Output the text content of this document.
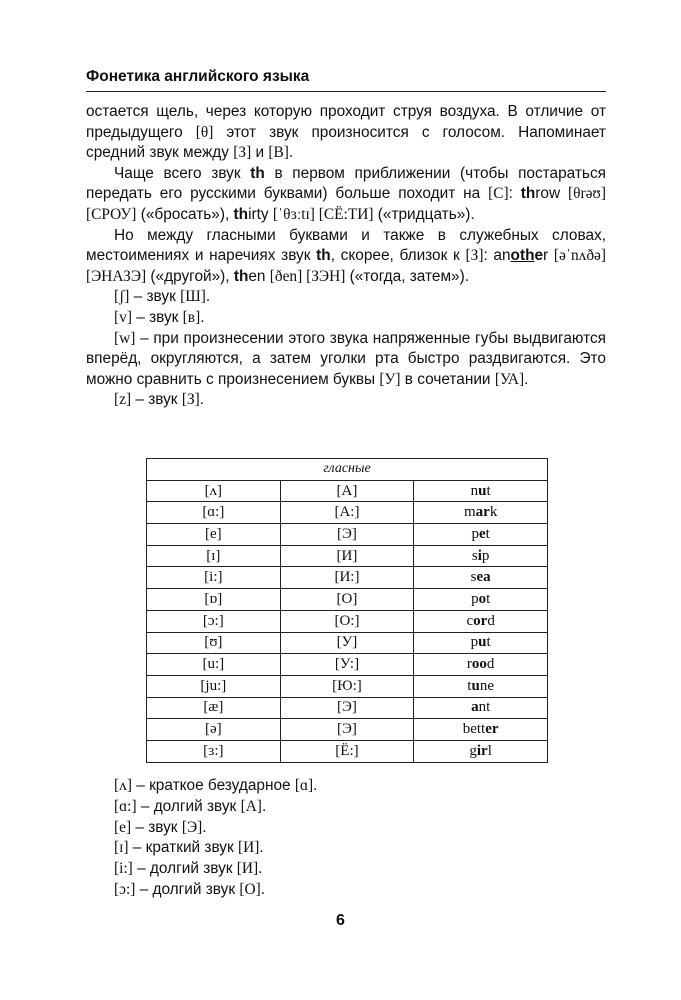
Фонетика английского языка

остается щель, через которую проходит струя воздуха. В отличие от предыдущего [θ] этот звук произносится с голосом. Напоминает средний звук между [З] и [В].

Чаще всего звук th в первом приближении (чтобы постараться передать его русскими буквами) больше походит на [С]: throw [θrəʊ] [СРОУ] («бросать»), thirty [ˈθɜːtɪ] [СЁ:ТИ] («тридцать»).

Но между гласными буквами и также в служебных словах, местоимениях и наречиях звук th, скорее, близок к [З]: another [əˈnʌðə] [ЭНАЗЭ] («другой»), then [ðen] [ЗЭН] («тогда, затем»).

[ʃ] – звук [Ш].

[v] – звук [в].

[w] – при произнесении этого звука напряженные губы выдвигаются вперёд, округляются, а затем уголки рта быстро раздвигаются. Это можно сравнить с произнесением буквы [У] в сочетании [УА].

[z] – звук [З].

гласные		
[ʌ]	[А]	nut
[ɑ:]	[А:]	mark
[e]	[Э]	pet
[ɪ]	[И]	sip
[i:]	[И:]	sea
[ɒ]	[О]	pot
[ɔ:]	[О:]	cord
[ʊ]	[У]	put
[u:]	[У:]	rood
[ju:]	[Ю:]	tune
[æ]	[Э]	ant
[ə]	[Э]	better
[ɜ:]	[Ё:]	girl
[ʌ] – краткое безударное [ɑ].
[ɑ:] – долгий звук [А].
[e] – звук [Э].
[ɪ] – краткий звук [И].
[i:] – долгий звук [И].
[ɔ:] – долгий звук [О].
6
